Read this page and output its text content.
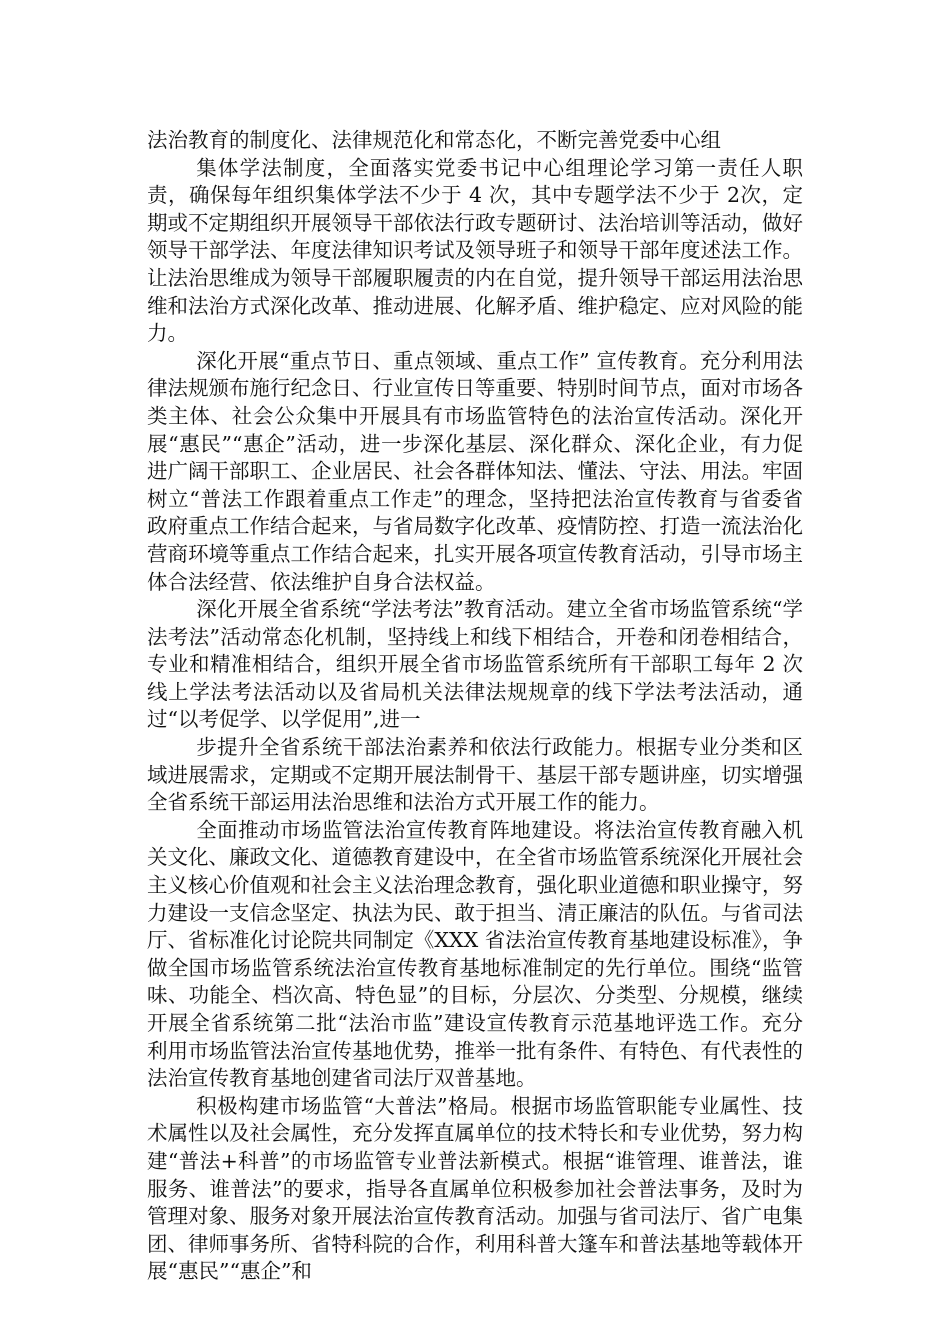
法治教育的制度化、法律规范化和常态化，不断完善党委中心组

集体学法制度，全面落实党委书记中心组理论学习第一责任人职责，确保每年组织集体学法不少于 4 次，其中专题学法不少于 2次，定期或不定期组织开展领导干部依法行政专题研讨、法治培训等活动，做好领导干部学法、年度法律知识考试及领导班子和领导干部年度述法工作。让法治思维成为领导干部履职履责的内在自觉，提升领导干部运用法治思维和法治方式深化改革、推动进展、化解矛盾、维护稳定、应对风险的能力。

深化开展“重点节日、重点领域、重点工作” 宣传教育。充分利用法律法规颁布施行纪念日、行业宣传日等重要、特别时间节点，面对市场各类主体、社会公众集中开展具有市场监管特色的法治宣传活动。深化开展“惠民”“惠企”活动，进一步深化基层、深化群众、深化企业，有力促进广阔干部职工、企业居民、社会各群体知法、懂法、守法、用法。牢固树立“普法工作跟着重点工作走”的理念，坚持把法治宣传教育与省委省政府重点工作结合起来，与省局数字化改革、疫情防控、打造一流法治化营商环境等重点工作结合起来，扎实开展各项宣传教育活动，引导市场主体合法经营、依法维护自身合法权益。

深化开展全省系统“学法考法”教育活动。建立全省市场监管系统“学法考法”活动常态化机制，坚持线上和线下相结合，开卷和闭卷相结合，专业和精准相结合，组织开展全省市场监管系统所有干部职工每年 2 次线上学法考法活动以及省局机关法律法规规章的线下学法考法活动，通过“以考促学、以学促用”,进一

步提升全省系统干部法治素养和依法行政能力。根据专业分类和区域进展需求，定期或不定期开展法制骨干、基层干部专题讲座，切实增强全省系统干部运用法治思维和法治方式开展工作的能力。

全面推动市场监管法治宣传教育阵地建设。将法治宣传教育融入机关文化、廉政文化、道德教育建设中，在全省市场监管系统深化开展社会主义核心价值观和社会主义法治理念教育，强化职业道德和职业操守，努力建设一支信念坚定、执法为民、敢于担当、清正廉洁的队伍。与省司法厅、省标准化讨论院共同制定《XXX 省法治宣传教育基地建设标准》，争做全国市场监管系统法治宣传教育基地标准制定的先行单位。围绕“监管味、功能全、档次高、特色显”的目标，分层次、分类型、分规模，继续开展全省系统第二批“法治市监”建设宣传教育示范基地评选工作。充分利用市场监管法治宣传基地优势，推举一批有条件、有特色、有代表性的法治宣传教育基地创建省司法厅双普基地。

积极构建市场监管“大普法”格局。根据市场监管职能专业属性、技术属性以及社会属性，充分发挥直属单位的技术特长和专业优势，努力构建“普法+科普”的市场监管专业普法新模式。根据“谁管理、谁普法，谁服务、谁普法”的要求，指导各直属单位积极参加社会普法事务，及时为管理对象、服务对象开展法治宣传教育活动。加强与省司法厅、省广电集团、律师事务所、省特科院的合作，利用科普大篷车和普法基地等载体开展“惠民”“惠企”和
